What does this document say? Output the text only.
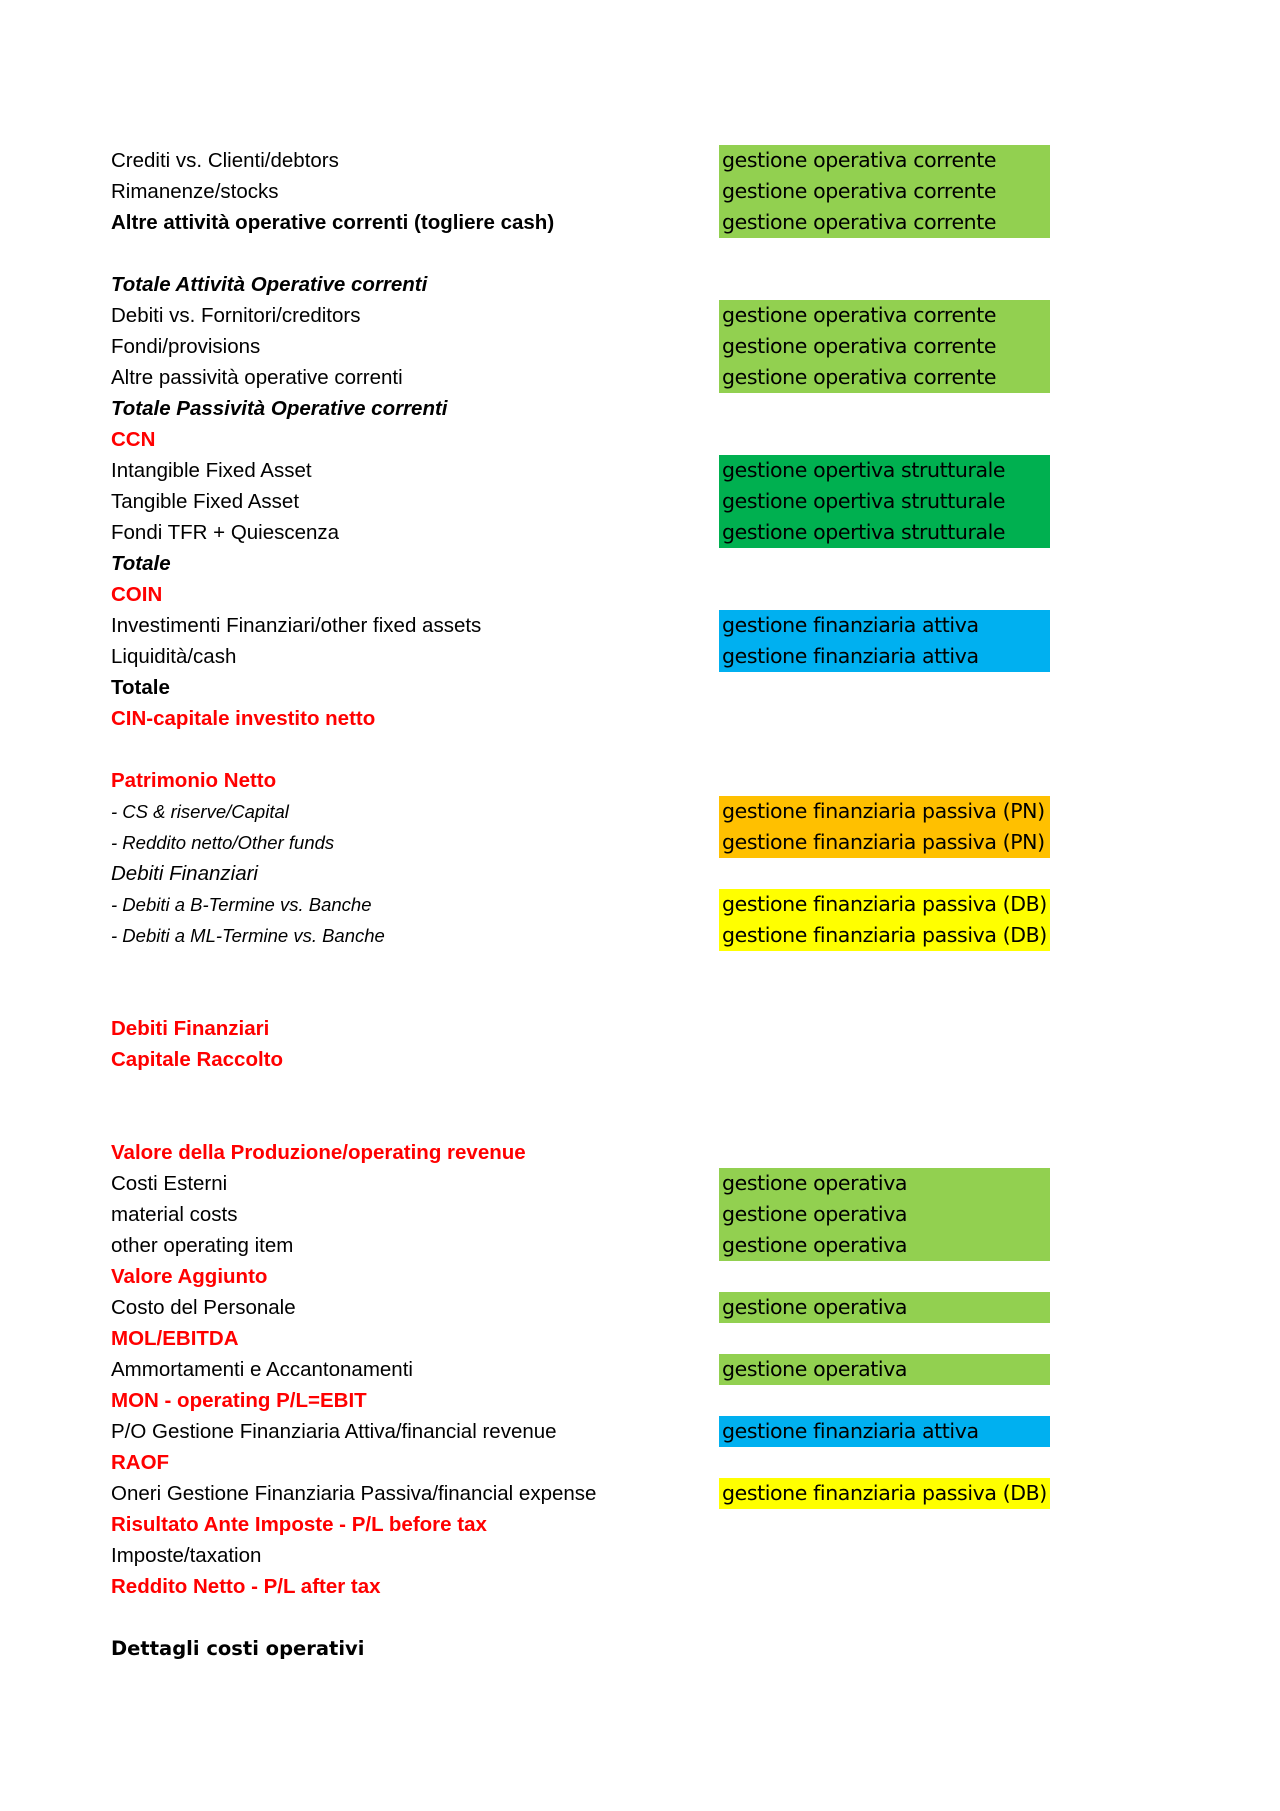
Crediti vs. Clienti/debtors	gestione operativa corrente
Rimanenze/stocks	gestione operativa corrente
Altre attività operative correnti (togliere cash)	gestione operativa corrente
Totale Attività Operative correnti
Debiti vs. Fornitori/creditors	gestione operativa corrente
Fondi/provisions	gestione operativa corrente
Altre passività operative correnti	gestione operativa corrente
Totale Passività Operative correnti
CCN
Intangible Fixed Asset	gestione opertiva strutturale
Tangible Fixed Asset	gestione opertiva strutturale
Fondi TFR + Quiescenza	gestione opertiva strutturale
Totale
COIN
Investimenti Finanziari/other fixed assets	gestione finanziaria attiva
Liquidità/cash	gestione finanziaria attiva
Totale
CIN-capitale investito netto
Patrimonio Netto
- CS & riserve/Capital	gestione finanziaria passiva (PN)
- Reddito netto/Other funds	gestione finanziaria passiva (PN)
Debiti Finanziari
- Debiti a B-Termine vs. Banche	gestione finanziaria passiva (DB)
- Debiti a ML-Termine vs. Banche	gestione finanziaria passiva (DB)
Debiti Finanziari
Capitale Raccolto
Valore della Produzione/operating revenue
Costi Esterni	gestione operativa
material costs	gestione operativa
other operating item	gestione operativa
Valore Aggiunto
Costo del Personale	gestione operativa
MOL/EBITDA
Ammortamenti e Accantonamenti	gestione operativa
MON - operating P/L=EBIT
P/O Gestione Finanziaria Attiva/financial revenue	gestione finanziaria attiva
RAOF
Oneri Gestione Finanziaria Passiva/financial expense	gestione finanziaria passiva (DB)
Risultato Ante Imposte - P/L before tax
Imposte/taxation
Reddito Netto - P/L after tax
Dettagli costi operativi
